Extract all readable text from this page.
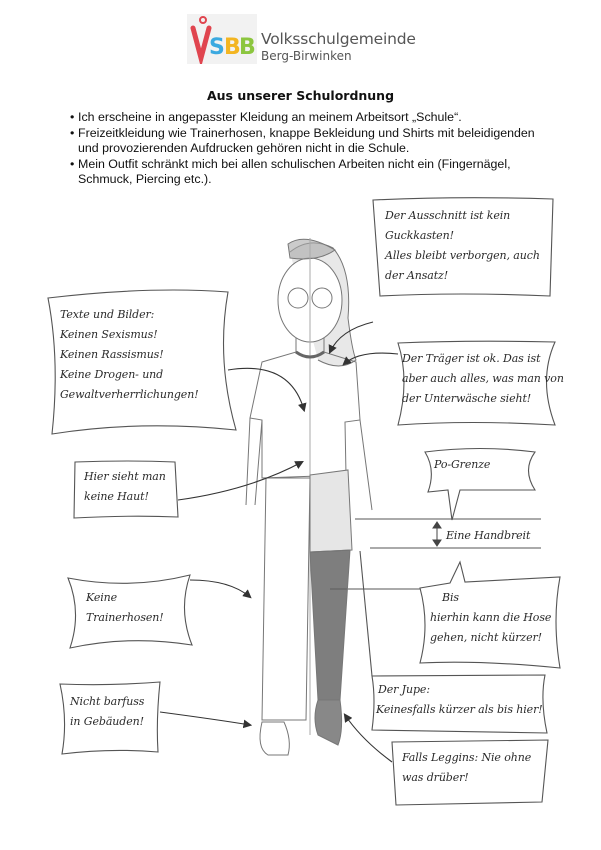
S B
B Volksschulgemeinde
Berg-Birwinken
Aus unserer Schulordnung
• Ich erscheine in angepasster Kleidung an meinem Arbeitsort „Schule“.
• Freizeitkleidung wie Trainerhosen, knappe Bekleidung und Shirts mit beleidigenden und provozierenden Aufdrucken gehören nicht in die Schule.
• Mein Outfit schränkt mich bei allen schulischen Arbeiten nicht ein (Fingernägel, Schmuck, Piercing etc.).
Der Ausschnitt ist kein
Guckkasten!
Alles bleibt verborgen, auch
der Ansatz!
Texte und Bilder:
Keinen Sexismus!
Keinen Rassismus!
Keine Drogen- und
Gewaltverherrlichungen!
Der Träger ist ok. Das ist
aber auch alles, was man von
der Unterwäsche sieht!
Hier sieht man
keine Haut!
Po-Grenze
Eine Handbreit
Bis
hierhin kann die Hose
gehen, nicht kürzer!
Keine
Trainerhosen!
Der Jupe:
Keinesfalls kürzer als bis hier!
Nicht barfuss
in Gebäuden!
Falls Leggins: Nie ohne
was drüber!
